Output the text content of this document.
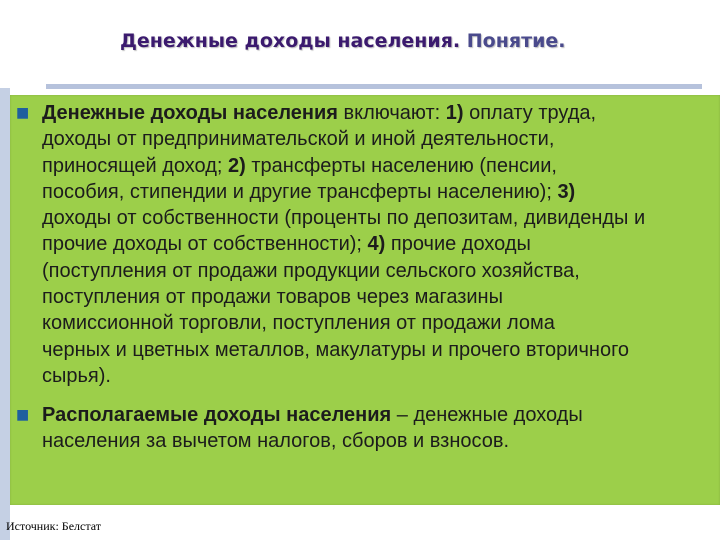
Денежные доходы населения. Понятие.
■ Денежные доходы населения включают: 1) оплату труда,
доходы от предпринимательской и иной деятельности,
приносящей доход; 2) трансферты населению (пенсии,
пособия, стипендии и другие трансферты населению); 3)
доходы от собственности (проценты по депозитам, дивиденды и
прочие доходы от собственности); 4) прочие доходы
(поступления от продажи продукции сельского хозяйства,
поступления от продажи товаров через магазины
комиссионной торговли, поступления от продажи лома
черных и цветных металлов, макулатуры и прочего вторичного
сырья).
■ Располагаемые доходы населения – денежные доходы
населения за вычетом налогов, сборов и взносов.
Источник: Белстат
